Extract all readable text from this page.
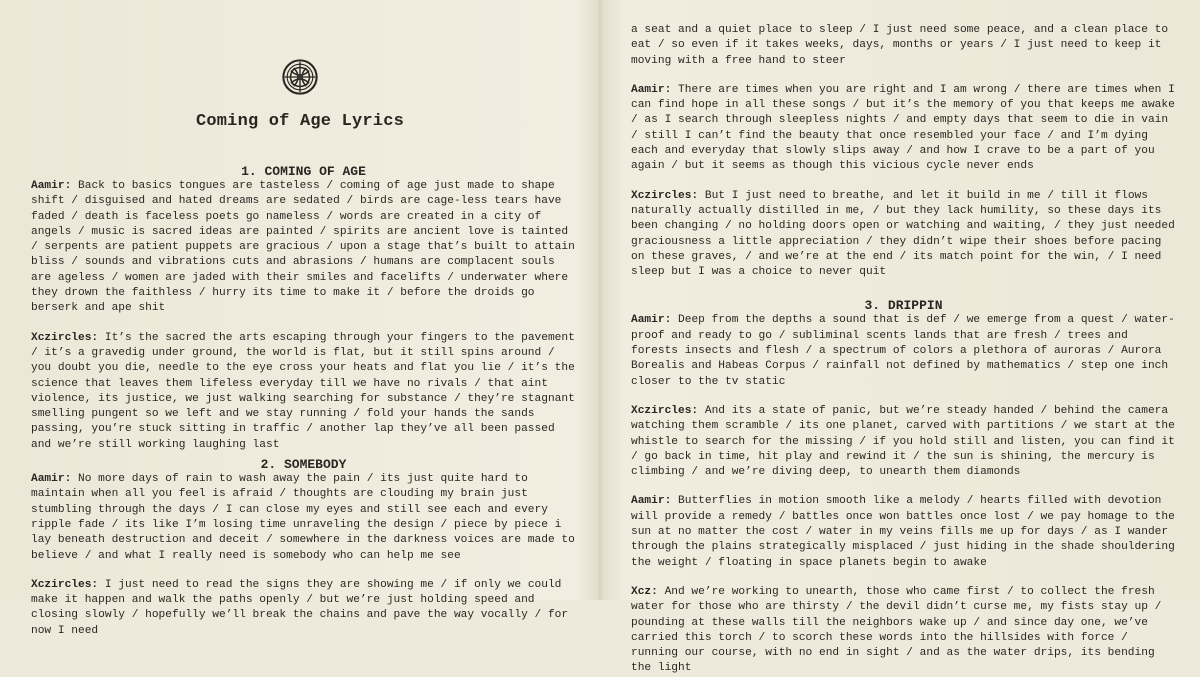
Coming of Age Lyrics
1. COMING OF AGE

Aamir: Back to basics tongues are tasteless / coming of age just made to shape shift / disguised and hated dreams are sedated / birds are cage-less tears have faded / death is faceless poets go nameless / words are created in a city of angels / music is sacred ideas are painted / spirits are ancient love is tainted / serpents are patient puppets are gracious / upon a stage that’s built to attain bliss / sounds and vibrations cuts and abrasions / humans are complacent souls are ageless / women are jaded with their smiles and facelifts / underwater where they drown the faithless / hurry its time to make it / before the droids go berserk and ape shit

Xczircles: It’s the sacred the arts escaping through your fingers to the pavement / it’s a gravedig under ground, the world is flat, but it still spins around / you doubt you die, needle to the eye cross your heats and flat you lie / it’s the science that leaves them lifeless everyday till we have no rivals / that aint violence, its justice, we just walking searching for substance / they’re stagnant smelling pungent so we left and we stay running / fold your hands the sands passing, you’re stuck sitting in traffic / another lap they’ve all been passed and we’re still working laughing last

2. SOMEBODY

Aamir: No more days of rain to wash away the pain / its just quite hard to maintain when all you feel is afraid / thoughts are clouding my brain just stumbling through the days / I can close my eyes and still see each and every ripple fade / its like I’m losing time unraveling the design / piece by piece i lay beneath destruction and deceit / somewhere in the darkness voices are made to believe / and what I really need is somebody who can help me see

Xczircles: I just need to read the signs they are showing me / if only we could make it happen and walk the paths openly / but we’re just holding speed and closing slowly / hopefully we’ll break the chains and pave the way vocally / for now I need

a seat and a quiet place to sleep / I just need some peace, and a clean place to eat / so even if it takes weeks, days, months or years / I just need to keep it moving with a free hand to steer

Aamir: There are times when you are right and I am wrong / there are times when I can find hope in all these songs / but it’s the memory of you that keeps me awake / as I search through sleepless nights / and empty days that seem to die in vain / still I can’t find the beauty that once resembled your face / and I’m dying each and everyday that slowly slips away / and how I crave to be a part of you again / but it seems as though this vicious cycle never ends

Xczircles: But I just need to breathe, and let it build in me / till it flows naturally actually distilled in me, / but they lack humility, so these days its been changing / no holding doors open or watching and waiting, / they just needed graciousness a little appreciation / they didn’t wipe their shoes before pacing on these graves, / and we’re at the end / its match point for the win, / I need sleep but I was a choice to never quit

3. DRIPPIN

Aamir: Deep from the depths a sound that is def / we emerge from a quest / water-proof and ready to go / subliminal scents lands that are fresh / trees and forests insects and flesh / a spectrum of colors a plethora of auroras / Aurora Borealis and Habeas Corpus / rainfall not defined by mathematics / step one inch closer to the tv static

Xczircles: And its a state of panic, but we’re steady handed / behind the camera watching them scramble / its one planet, carved with partitions / we start at the whistle to search for the missing / if you hold still and listen, you can find it / go back in time, hit play and rewind it / the sun is shining, the mercury is climbing / and we’re diving deep, to unearth them diamonds

Aamir: Butterflies in motion smooth like a melody / hearts filled with devotion will provide a remedy / battles once won battles once lost / we pay homage to the sun at no matter the cost / water in my veins fills me up for days / as I wander through the plains strategically misplaced / just hiding in the shade shouldering the weight / floating in space planets begin to awake

Xcz: And we’re working to unearth, those who came first / to collect the fresh water for those who are thirsty / the devil didn’t curse me, my fists stay up / pounding at these walls till the neighbors wake up / and since day one, we’ve carried this torch / to scorch these words into the hillsides with force / running our course, with no end in sight / and as the water drips, its bending the light
